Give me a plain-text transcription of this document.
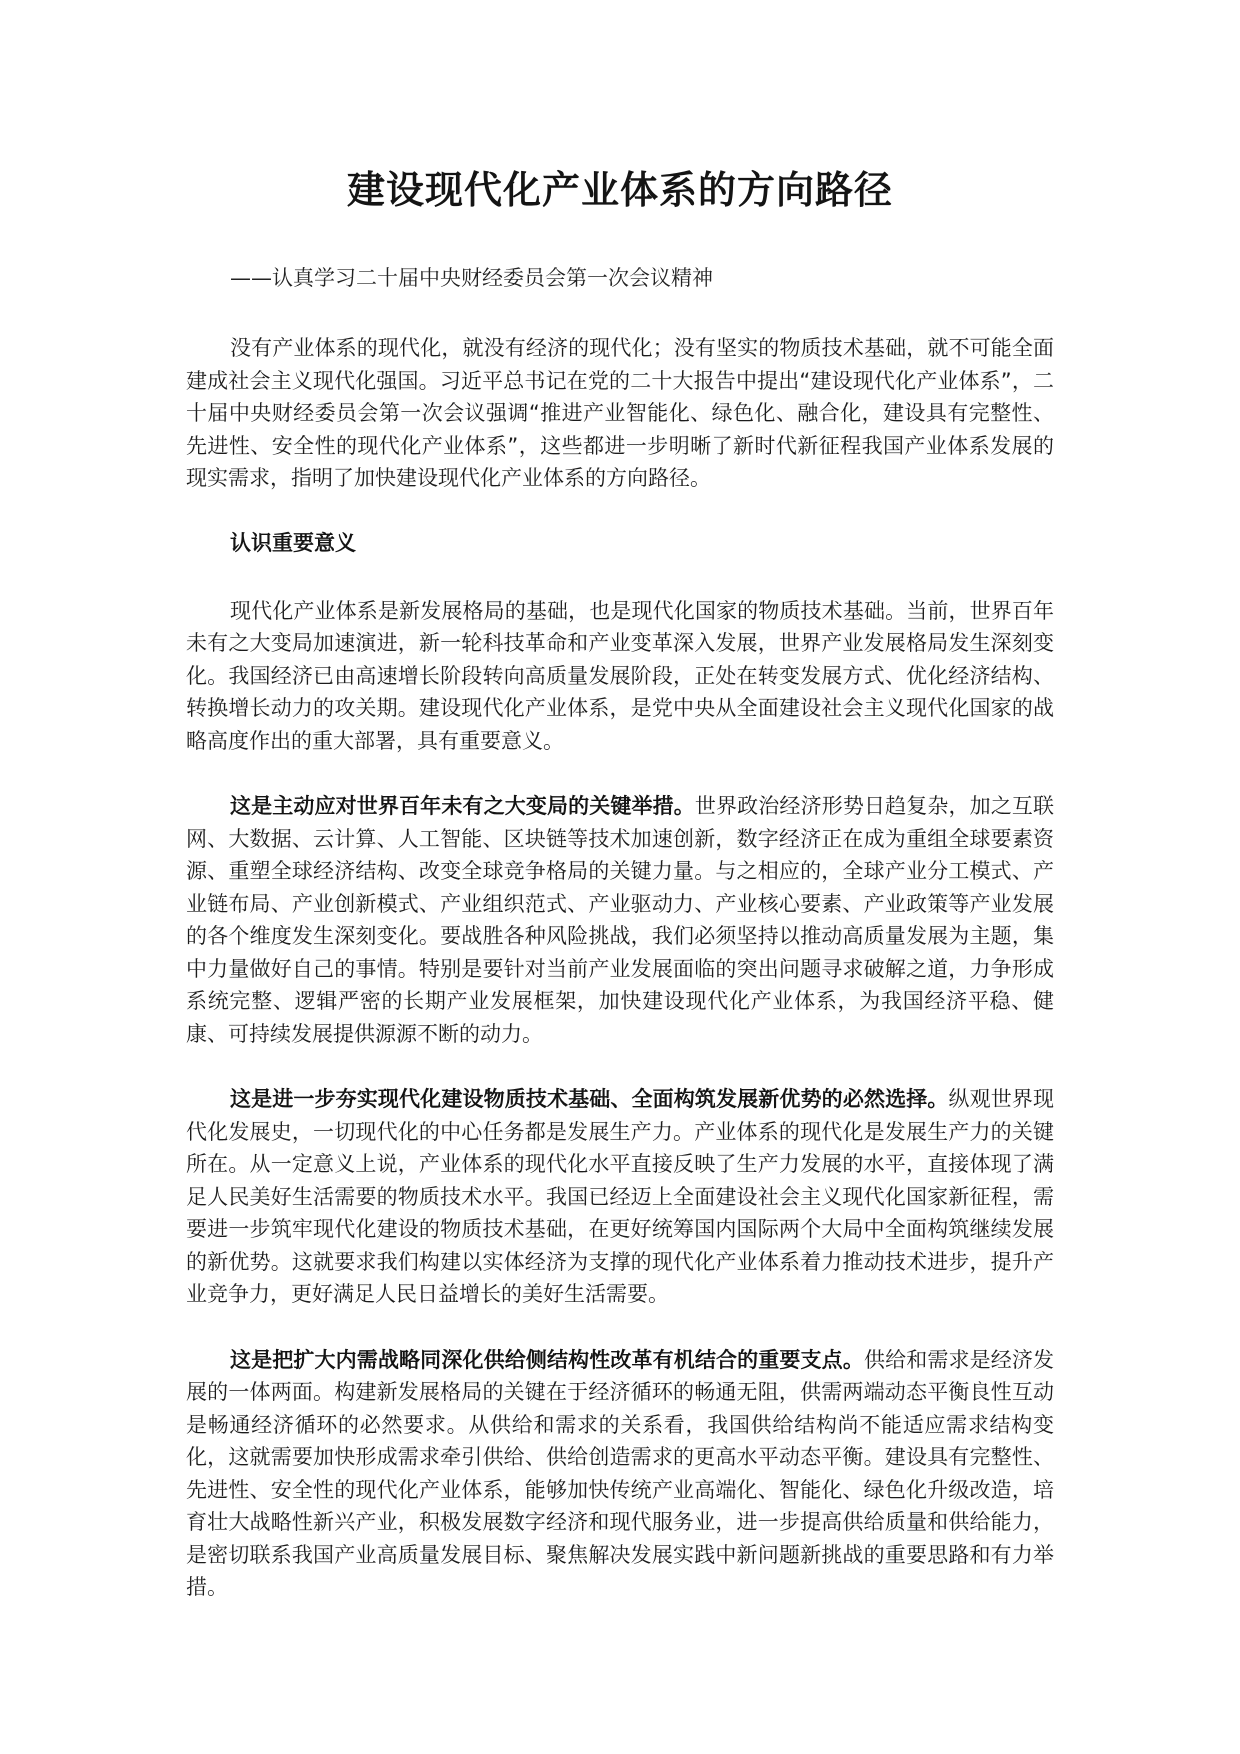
建设现代化产业体系的方向路径

——认真学习二十届中央财经委员会第一次会议精神

没有产业体系的现代化，就没有经济的现代化；没有坚实的物质技术基础，就不可能全面建成社会主义现代化强国。习近平总书记在党的二十大报告中提出“建设现代化产业体系”，二十届中央财经委员会第一次会议强调“推进产业智能化、绿色化、融合化，建设具有完整性、先进性、安全性的现代化产业体系”，这些都进一步明晰了新时代新征程我国产业体系发展的现实需求，指明了加快建设现代化产业体系的方向路径。

认识重要意义

现代化产业体系是新发展格局的基础，也是现代化国家的物质技术基础。当前，世界百年未有之大变局加速演进，新一轮科技革命和产业变革深入发展，世界产业发展格局发生深刻变化。我国经济已由高速增长阶段转向高质量发展阶段，正处在转变发展方式、优化经济结构、转换增长动力的攻关期。建设现代化产业体系，是党中央从全面建设社会主义现代化国家的战略高度作出的重大部署，具有重要意义。

这是主动应对世界百年未有之大变局的关键举措。世界政治经济形势日趋复杂，加之互联网、大数据、云计算、人工智能、区块链等技术加速创新，数字经济正在成为重组全球要素资源、重塑全球经济结构、改变全球竞争格局的关键力量。与之相应的，全球产业分工模式、产业链布局、产业创新模式、产业组织范式、产业驱动力、产业核心要素、产业政策等产业发展的各个维度发生深刻变化。要战胜各种风险挑战，我们必须坚持以推动高质量发展为主题，集中力量做好自己的事情。特别是要针对当前产业发展面临的突出问题寻求破解之道，力争形成系统完整、逻辑严密的长期产业发展框架，加快建设现代化产业体系，为我国经济平稳、健康、可持续发展提供源源不断的动力。

这是进一步夯实现代化建设物质技术基础、全面构筑发展新优势的必然选择。纵观世界现代化发展史，一切现代化的中心任务都是发展生产力。产业体系的现代化是发展生产力的关键所在。从一定意义上说，产业体系的现代化水平直接反映了生产力发展的水平，直接体现了满足人民美好生活需要的物质技术水平。我国已经迈上全面建设社会主义现代化国家新征程，需要进一步筑牢现代化建设的物质技术基础，在更好统筹国内国际两个大局中全面构筑继续发展的新优势。这就要求我们构建以实体经济为支撑的现代化产业体系着力推动技术进步，提升产业竞争力，更好满足人民日益增长的美好生活需要。

这是把扩大内需战略同深化供给侧结构性改革有机结合的重要支点。供给和需求是经济发展的一体两面。构建新发展格局的关键在于经济循环的畅通无阻，供需两端动态平衡良性互动是畅通经济循环的必然要求。从供给和需求的关系看，我国供给结构尚不能适应需求结构变化，这就需要加快形成需求牵引供给、供给创造需求的更高水平动态平衡。建设具有完整性、先进性、安全性的现代化产业体系，能够加快传统产业高端化、智能化、绿色化升级改造，培育壮大战略性新兴产业，积极发展数字经济和现代服务业，进一步提高供给质量和供给能力，是密切联系我国产业高质量发展目标、聚焦解决发展实践中新问题新挑战的重要思路和有力举措。
